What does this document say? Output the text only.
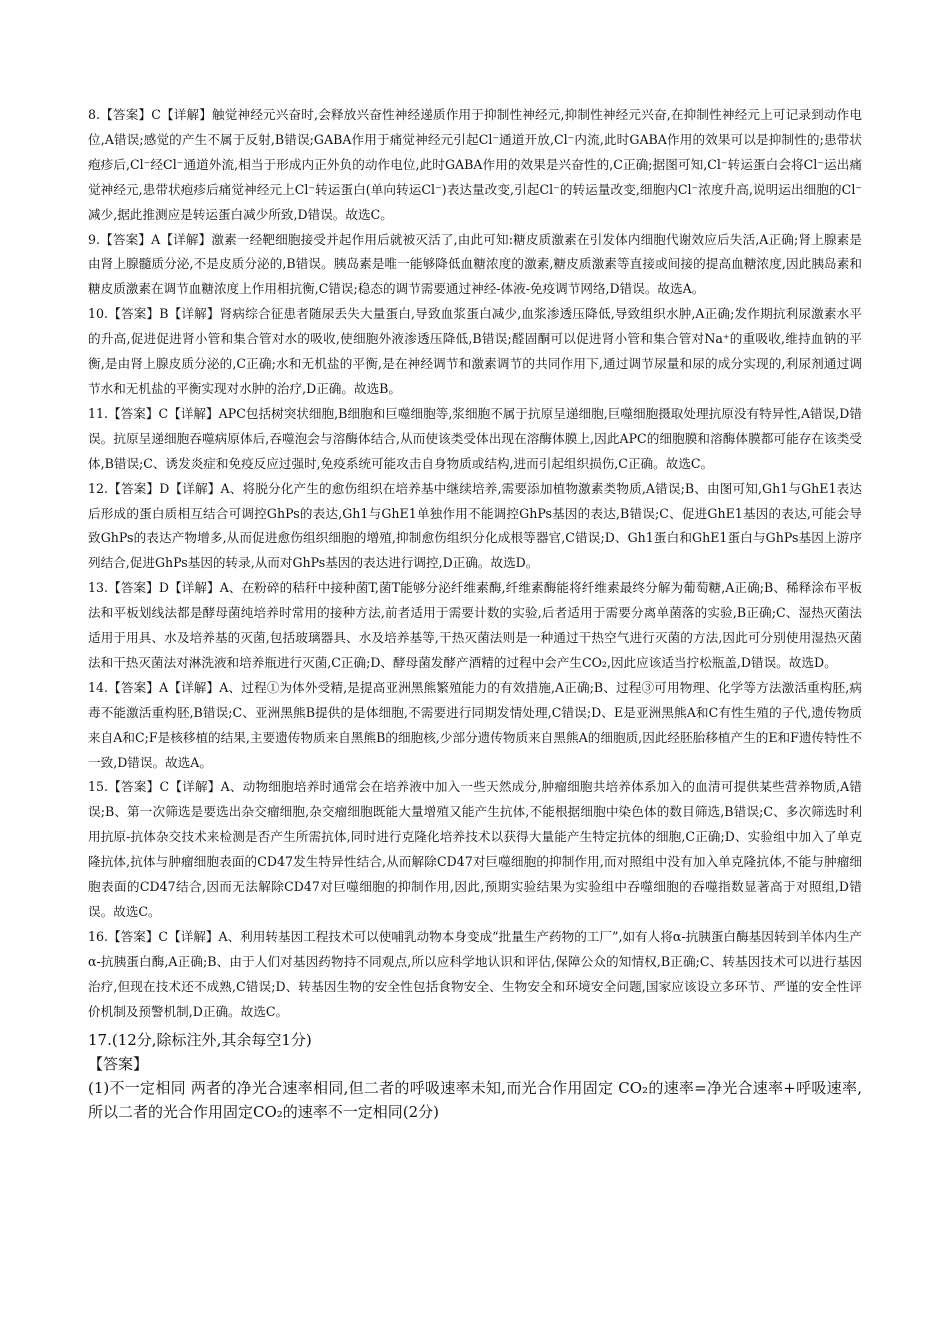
8.【答案】C【详解】触觉神经元兴奋时,会释放兴奋性神经递质作用于抑制性神经元,抑制性神经元兴奋,在抑制性神经元上可记录到动作电位,A错误;感觉的产生不属于反射,B错误;GABA作用于痛觉神经元引起Cl⁻通道开放,Cl⁻内流,此时GABA作用的效果可以是抑制性的;患带状疱疹后,Cl⁻经Cl⁻通道外流,相当于形成内正外负的动作电位,此时GABA作用的效果是兴奋性的,C正确;据图可知,Cl⁻转运蛋白会将Cl⁻运出痛觉神经元,患带状疱疹后痛觉神经元上Cl⁻转运蛋白(单向转运Cl⁻)表达量改变,引起Cl⁻的转运量改变,细胞内Cl⁻浓度升高,说明运出细胞的Cl⁻减少,据此推测应是转运蛋白减少所致,D错误。故选C。

9.【答案】A【详解】激素一经靶细胞接受并起作用后就被灭活了,由此可知:糖皮质激素在引发体内细胞代谢效应后失活,A正确;肾上腺素是由肾上腺髓质分泌,不是皮质分泌的,B错误。胰岛素是唯一能够降低血糖浓度的激素,糖皮质激素等直接或间接的提高血糖浓度,因此胰岛素和糖皮质激素在调节血糖浓度上作用相抗衡,C错误;稳态的调节需要通过神经-体液-免疫调节网络,D错误。故选A。

10.【答案】B【详解】肾病综合征患者随尿丢失大量蛋白,导致血浆蛋白减少,血浆渗透压降低,导致组织水肿,A正确;发作期抗利尿激素水平的升高,促进促进肾小管和集合管对水的吸收,使细胞外液渗透压降低,B错误;醛固酮可以促进肾小管和集合管对Na⁺的重吸收,维持血钠的平衡,是由肾上腺皮质分泌的,C正确;水和无机盐的平衡,是在神经调节和激素调节的共同作用下,通过调节尿量和尿的成分实现的,利尿剂通过调节水和无机盐的平衡实现对水肿的治疗,D正确。故选B。

11.【答案】C【详解】APC包括树突状细胞,B细胞和巨噬细胞等,浆细胞不属于抗原呈递细胞,巨噬细胞摄取处理抗原没有特异性,A错误,D错误。抗原呈递细胞吞噬病原体后,吞噬泡会与溶酶体结合,从而使该类受体出现在溶酶体膜上,因此APC的细胞膜和溶酶体膜都可能存在该类受体,B错误;C、诱发炎症和免疫反应过强时,免疫系统可能攻击自身物质或结构,进而引起组织损伤,C正确。故选C。

12.【答案】D【详解】A、将脱分化产生的愈伤组织在培养基中继续培养,需要添加植物激素类物质,A错误;B、由图可知,Gh1与GhE1表达后形成的蛋白质相互结合可调控GhPs的表达,Gh1与GhE1单独作用不能调控GhPs基因的表达,B错误;C、促进GhE1基因的表达,可能会导致GhPs的表达产物增多,从而促进愈伤组织细胞的增殖,抑制愈伤组织分化成根等器官,C错误;D、Gh1蛋白和GhE1蛋白与GhPs基因上游序列结合,促进GhPs基因的转录,从而对GhPs基因的表达进行调控,D正确。故选D。

13.【答案】D【详解】A、在粉碎的秸秆中接种菌T,菌T能够分泌纤维素酶,纤维素酶能将纤维素最终分解为葡萄糖,A正确;B、稀释涂布平板法和平板划线法都是酵母菌纯培养时常用的接种方法,前者适用于需要计数的实验,后者适用于需要分离单菌落的实验,B正确;C、湿热灭菌法适用于用具、水及培养基的灭菌,包括玻璃器具、水及培养基等,干热灭菌法则是一种通过干热空气进行灭菌的方法,因此可分别使用湿热灭菌法和干热灭菌法对淋洗液和培养瓶进行灭菌,C正确;D、酵母菌发酵产酒精的过程中会产生CO₂,因此应该适当拧松瓶盖,D错误。故选D。

14.【答案】A【详解】A、过程①为体外受精,是提高亚洲黑熊繁殖能力的有效措施,A正确;B、过程③可用物理、化学等方法激活重构胚,病毒不能激活重构胚,B错误;C、亚洲黑熊B提供的是体细胞,不需要进行同期发情处理,C错误;D、E是亚洲黑熊A和C有性生殖的子代,遗传物质来自A和C;F是核移植的结果,主要遗传物质来自黑熊B的细胞核,少部分遗传物质来自黑熊A的细胞质,因此经胚胎移植产生的E和F遗传特性不一致,D错误。故选A。

15.【答案】C【详解】A、动物细胞培养时通常会在培养液中加入一些天然成分,肿瘤细胞共培养体系加入的血清可提供某些营养物质,A错误;B、第一次筛选是要选出杂交瘤细胞,杂交瘤细胞既能大量增殖又能产生抗体,不能根据细胞中染色体的数目筛选,B错误;C、多次筛选时利用抗原-抗体杂交技术来检测是否产生所需抗体,同时进行克隆化培养技术以获得大量能产生特定抗体的细胞,C正确;D、实验组中加入了单克隆抗体,抗体与肿瘤细胞表面的CD47发生特异性结合,从而解除CD47对巨噬细胞的抑制作用,而对照组中没有加入单克隆抗体,不能与肿瘤细胞表面的CD47结合,因而无法解除CD47对巨噬细胞的抑制作用,因此,预期实验结果为实验组中吞噬细胞的吞噬指数显著高于对照组,D错误。故选C。

16.【答案】C【详解】A、利用转基因工程技术可以使哺乳动物本身变成“批量生产药物的工厂”,如有人将α-抗胰蛋白酶基因转到羊体内生产α-抗胰蛋白酶,A正确;B、由于人们对基因药物持不同观点,所以应科学地认识和评估,保障公众的知情权,B正确;C、转基因技术可以进行基因治疗,但现在技术还不成熟,C错误;D、转基因生物的安全性包括食物安全、生物安全和环境安全问题,国家应该设立多环节、严谨的安全性评价机制及预警机制,D正确。故选C。

17.(12分,除标注外,其余每空1分)

【答案】

(1)不一定相同 两者的净光合速率相同,但二者的呼吸速率未知,而光合作用固定 CO₂的速率=净光合速率+呼吸速率,所以二者的光合作用固定CO₂的速率不一定相同(2分)
